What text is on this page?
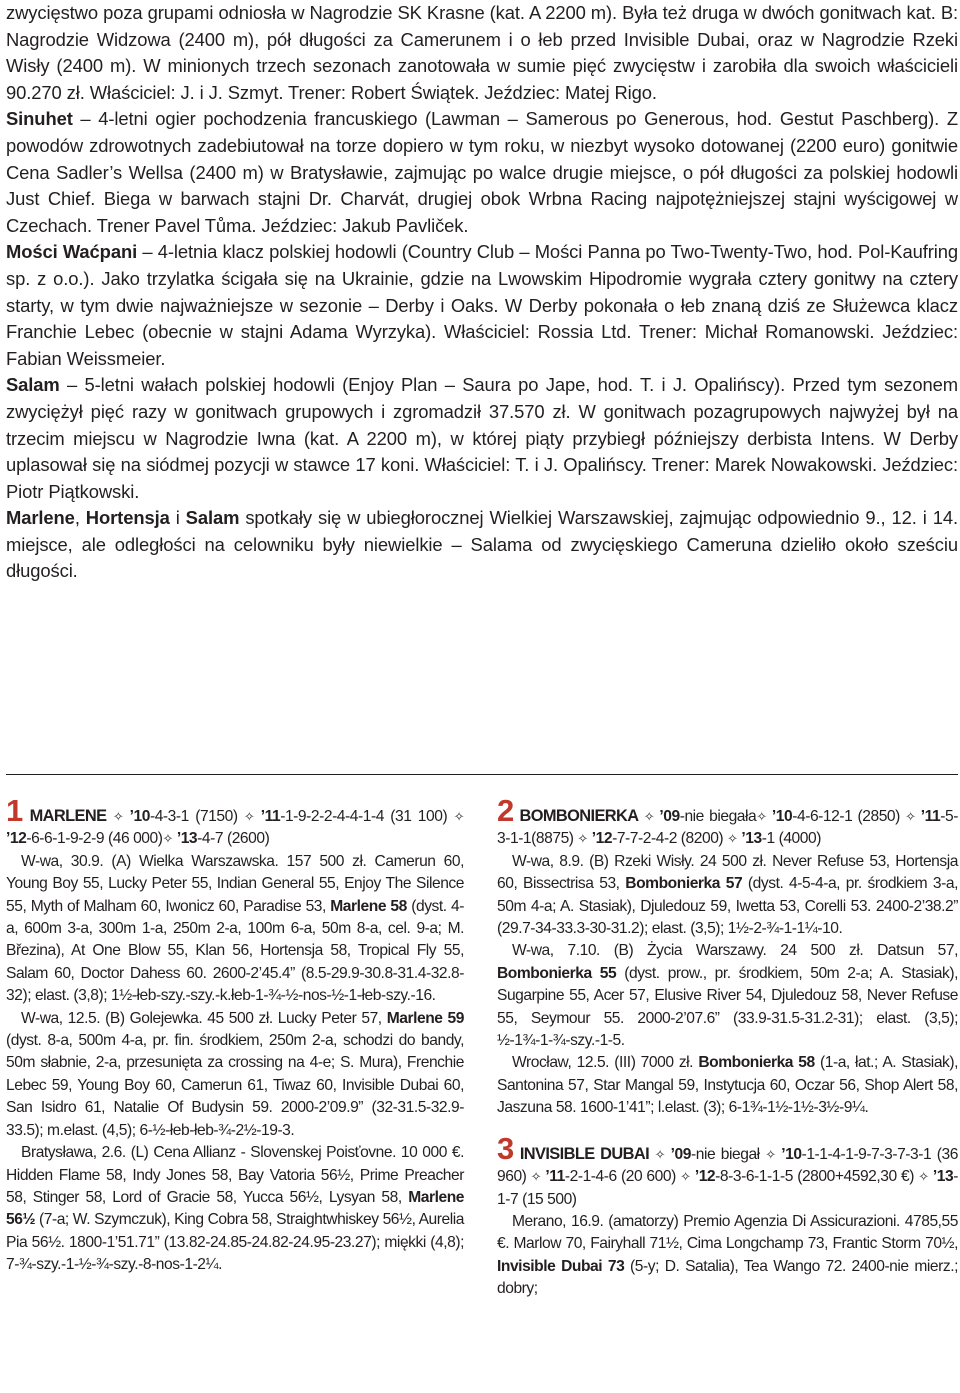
zwycięstwo poza grupami odniosła w Nagrodzie SK Krasne (kat. A 2200 m). Była też druga w dwóch gonitwach kat. B: Nagrodzie Widzowa (2400 m), pół długości za Camerunem i o łeb przed Invisible Dubai, oraz w Nagrodzie Rzeki Wisły (2400 m). W minionych trzech sezonach zanotowała w sumie pięć zwycięstw i zarobiła dla swoich właścicieli 90.270 zł. Właściciel: J. i J. Szmyt. Trener: Robert Świątek. Jeździec: Matej Rigo.

Sinuhet – 4-letni ogier pochodzenia francuskiego (Lawman – Samerous po Generous, hod. Gestut Paschberg). Z powodów zdrowotnych zadebiutował na torze dopiero w tym roku, w niezbyt wysoko dotowanej (2200 euro) gonitwie Cena Sadler’s Wellsa (2400 m) w Bratysławie, zajmując po walce drugie miejsce, o pół długości za polskiej hodowli Just Chief. Biega w barwach stajni Dr. Charvát, drugiej obok Wrbna Racing najpotężniejszej stajni wyścigowej w Czechach. Trener Pavel Tůma. Jeździec: Jakub Pavliček.

Mości Waćpani – 4-letnia klacz polskiej hodowli (Country Club – Mości Panna po Two-Twenty-Two, hod. Pol-Kaufring sp. z o.o.). Jako trzylatka ścigała się na Ukrainie, gdzie na Lwowskim Hipodromie wygrała cztery gonitwy na cztery starty, w tym dwie najważniejsze w sezonie – Derby i Oaks. W Derby pokonała o łeb znaną dziś ze Służewca klacz Franchie Lebec (obecnie w stajni Adama Wyrzyka). Właściciel: Rossia Ltd. Trener: Michał Romanowski. Jeździec: Fabian Weissmeier.

Salam – 5-letni wałach polskiej hodowli (Enjoy Plan – Saura po Jape, hod. T. i J. Opalińscy). Przed tym sezonem zwyciężył pięć razy w gonitwach grupowych i zgromadził 37.570 zł. W gonitwach pozagrupowych najwyżej był na trzecim miejscu w Nagrodzie Iwna (kat. A 2200 m), w której piąty przybiegł późniejszy derbista Intens. W Derby uplasował się na siódmej pozycji w stawce 17 koni. Właściciel: T. i J. Opalińscy. Trener: Marek Nowakowski. Jeździec: Piotr Piątkowski.

Marlene, Hortensja i Salam spotkały się w ubiegłorocznej Wielkiej Warszawskiej, zajmując odpowiednio 9., 12. i 14. miejsce, ale odległości na celowniku były niewielkie – Salama od zwycięskiego Cameruna dzieliło około sześciu długości.

1 MARLENE ✧ ’10-4-3-1 (7150) ✧ ’11-1-9-2-2-4-4-1-4 (31 100) ✧ ’12-6-6-1-9-2-9 (46 000)✧ ’13-4-7 (2600)

W-wa, 30.9. (A) Wielka Warszawska. 157 500 zł. Camerun 60, Young Boy 55, Lucky Peter 55, Indian General 55, Enjoy The Silence 55, Myth of Malham 60, Iwonicz 60, Paradise 53, Marlene 58 (dyst. 4-a, 600m 3-a, 300m 1-a, 250m 2-a, 100m 6-a, 50m 8-a, cel. 9-a; M. Březina), At One Blow 55, Klan 56, Hortensja 58, Tropical Fly 55, Salam 60, Doctor Dahess 60. 2600-2’45.4” (8.5-29.9-30.8-31.4-32.8-32); elast. (3,8); 1½-łeb-szy.-szy.-k.łeb-1-¾-½-nos-½-1-łeb-szy.-16.

W-wa, 12.5. (B) Golejewka. 45 500 zł. Lucky Peter 57, Marlene 59 (dyst. 8-a, 500m 4-a, pr. fin. środkiem, 250m 2-a, schodzi do bandy, 50m słabnie, 2-a, przesunięta za crossing na 4-e; S. Mura), Frenchie Lebec 59, Young Boy 60, Camerun 61, Tiwaz 60, Invisible Dubai 60, San Isidro 61, Natalie Of Budysin 59. 2000-2’09.9” (32-31.5-32.9-33.5); m.elast. (4,5); 6-½-łeb-łeb-¾-2½-19-3.

Bratysława, 2.6. (L) Cena Allianz - Slovenskej Poisťovne. 10 000 €. Hidden Flame 58, Indy Jones 58, Bay Vatoria 56½, Prime Preacher 58, Stinger 58, Lord of Gracie 58, Yucca 56½, Lysyan 58, Marlene 56½ (7-a; W. Szymczuk), King Cobra 58, Straightwhiskey 56½, Aurelia Pia 56½. 1800-1’51.71” (13.82-24.85-24.82-24.95-23.27); miękki (4,8); 7-¾-szy.-1-½-¾-szy.-8-nos-1-2¼.

2 BOMBONIERKA ✧ ’09-nie biegała✧ ’10-4-6-12-1 (2850) ✧ ’11-5-3-1-1(8875) ✧ ’12-7-7-2-4-2 (8200) ✧ ’13-1 (4000)

W-wa, 8.9. (B) Rzeki Wisły. 24 500 zł. Never Refuse 53, Hortensja 60, Bissectrisa 53, Bombonierka 57 (dyst. 4-5-4-a, pr. środkiem 3-a, 50m 4-a; A. Stasiak), Djuledouz 59, Iwetta 53, Corelli 53. 2400-2’38.2” (29.7-34-33.3-30-31.2); elast. (3,5); 1½-2-¾-1-1¼-10.

W-wa, 7.10. (B) Życia Warszawy. 24 500 zł. Datsun 57, Bombonierka 55 (dyst. prow., pr. środkiem, 50m 2-a; A. Stasiak), Sugarpine 55, Acer 57, Elusive River 54, Djuledouz 58, Never Refuse 55, Seymour 55. 2000-2’07.6” (33.9-31.5-31.2-31); elast. (3,5); ½-1¾-1-¾-szy.-1-5.

Wrocław, 12.5. (III) 7000 zł. Bombonierka 58 (1-a, łat.; A. Stasiak), Santonina 57, Star Mangal 59, Instytucja 60, Oczar 56, Shop Alert 58, Jaszuna 58. 1600-1’41”; l.elast. (3); 6-1¾-1½-1½-3½-9¼.

3 INVISIBLE DUBAI ✧ ’09-nie biegał ✧ ’10-1-1-4-1-9-7-3-7-3-1 (36 960) ✧ ’11-2-1-4-6 (20 600) ✧ ’12-8-3-6-1-1-5 (2800+4592,30 €) ✧ ’13-1-7 (15 500)

Merano, 16.9. (amatorzy) Premio Agenzia Di Assicurazioni. 4785,55 €. Marlow 70, Fairyhall 71½, Cima Longchamp 73, Frantic Storm 70½, Invisible Dubai 73 (5-y; D. Satalia), Tea Wango 72. 2400-nie mierz.; dobry;
